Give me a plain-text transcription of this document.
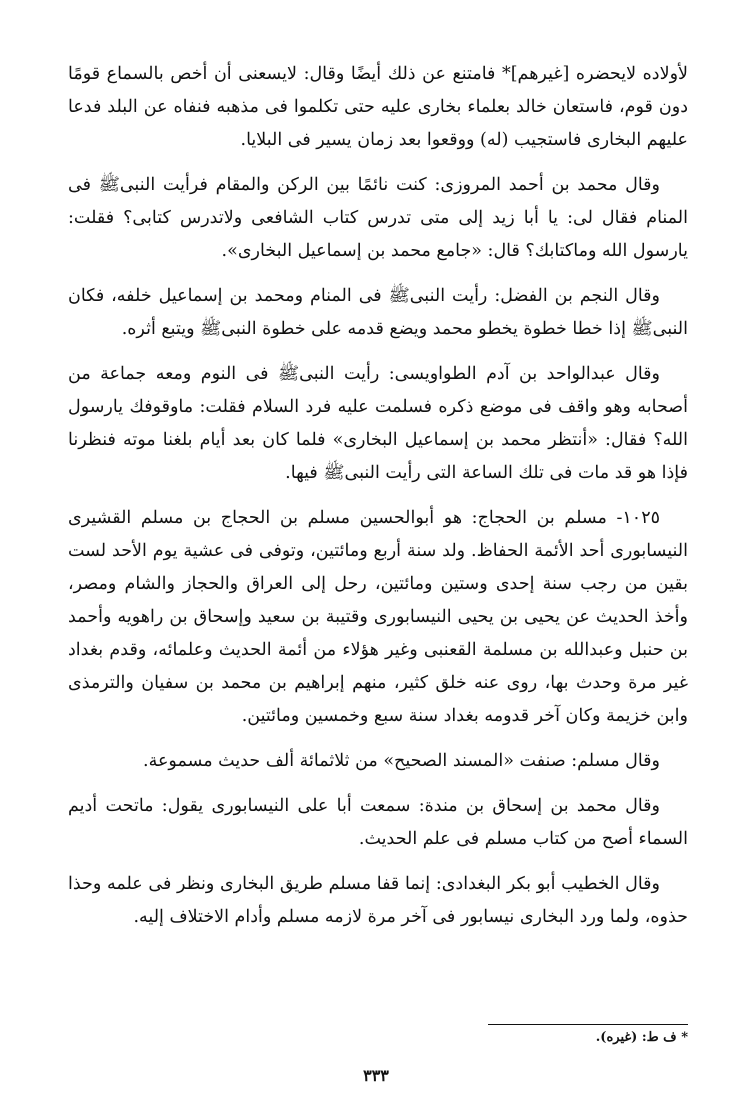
لأولاده لايحضره [غيرهم]* فامتنع عن ذلك أيضًا وقال: لايسعنى أن أخص بالسماع قومًا دون قوم، فاستعان خالد بعلماء بخارى عليه حتى تكلموا فى مذهبه فنفاه عن البلد فدعا عليهم البخارى فاستجيب (له) ووقعوا بعد زمان يسير فى البلايا.

وقال محمد بن أحمد المروزى: كنت نائمًا بين الركن والمقام فرأيت النبىﷺ فى المنام فقال لى: يا أبا زيد إلى متى تدرس كتاب الشافعى ولاتدرس كتابى؟ فقلت: يارسول الله وماكتابك؟ قال: «جامع محمد بن إسماعيل البخارى».

وقال النجم بن الفضل: رأيت النبىﷺ فى المنام ومحمد بن إسماعيل خلفه، فكان النبىﷺ إذا خطا خطوة يخطو محمد ويضع قدمه على خطوة النبىﷺ ويتبع أثره.

وقال عبدالواحد بن آدم الطواويسى: رأيت النبىﷺ فى النوم ومعه جماعة من أصحابه وهو واقف فى موضع ذكره فسلمت عليه فرد السلام فقلت: ماوقوفك يارسول الله؟ فقال: «أنتظر محمد بن إسماعيل البخارى» فلما كان بعد أيام بلغنا موته فنظرنا فإذا هو قد مات فى تلك الساعة التى رأيت النبىﷺ فيها.

١٠٢٥- مسلم بن الحجاج: هو أبوالحسين مسلم بن الحجاج بن مسلم القشيرى النيسابورى أحد الأئمة الحفاظ. ولد سنة أربع ومائتين، وتوفى فى عشية يوم الأحد لست بقين من رجب سنة إحدى وستين ومائتين، رحل إلى العراق والحجاز والشام ومصر، وأخذ الحديث عن يحيى بن يحيى النيسابورى وقتيبة بن سعيد وإسحاق بن راهويه وأحمد بن حنبل وعبدالله بن مسلمة القعنبى وغير هؤلاء من أئمة الحديث وعلمائه، وقدم بغداد غير مرة وحدث بها، روى عنه خلق كثير، منهم إبراهيم بن محمد بن سفيان والترمذى وابن خزيمة وكان آخر قدومه بغداد سنة سبع وخمسين ومائتين.

وقال مسلم: صنفت «المسند الصحيح» من ثلاثمائة ألف حديث مسموعة.

وقال محمد بن إسحاق بن مندة: سمعت أبا على النيسابورى يقول: ماتحت أديم السماء أصح من كتاب مسلم فى علم الحديث.

وقال الخطيب أبو بكر البغدادى: إنما قفا مسلم طريق البخارى ونظر فى علمه وحذا حذوه، ولما ورد البخارى نيسابور فى آخر مرة لازمه مسلم وأدام الاختلاف إليه.

* ف ط: (غيره).
٣٣٣
